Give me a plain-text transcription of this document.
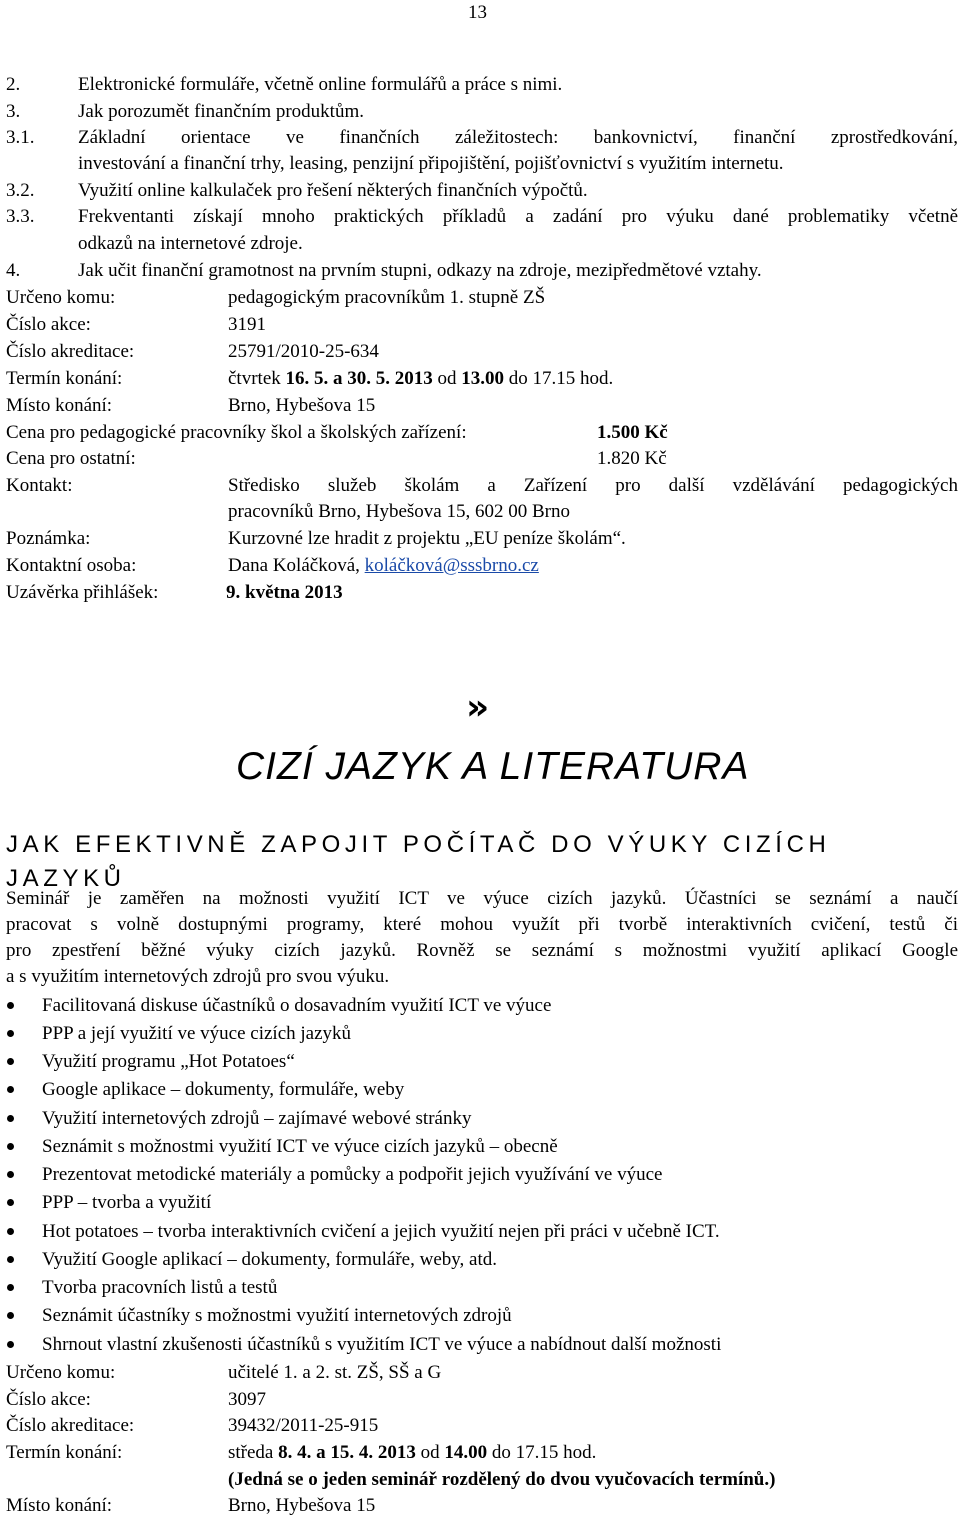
13
2.	Elektronické formuláře, včetně online formulářů a práce s nimi.
3.	Jak porozumět finančním produktům.
3.1. Základní orientace ve finančních záležitostech: bankovnictví, finanční zprostředkování,
investování a finanční trhy, leasing, penzijní připojištění, pojišťovnictví s využitím internetu.
3.2. Využití online kalkulaček pro řešení některých finančních výpočtů.
3.3. Frekventanti získají mnoho praktických příkladů a zadání pro výuku dané problematiky včetně
odkazů na internetové zdroje.
4.	Jak učit finanční gramotnost na prvním stupni, odkazy na zdroje, mezipředmětové vztahy.
Určeno komu:	pedagogickým pracovníkům 1. stupně ZŠ
Číslo akce:	3191
Číslo akreditace:	25791/2010-25-634
Termín konání:	čtvrtek 16. 5. a 30. 5. 2013 od 13.00 do 17.15 hod.
Místo konání:	Brno, Hybešova 15
Cena pro pedagogické pracovníky škol a školských zařízení:	1.500 Kč
Cena pro ostatní:	1.820 Kč
Kontakt:	Středisko služeb školám a Zařízení pro další vzdělávání pedagogických
pracovníků Brno, Hybešova 15, 602 00 Brno
Poznámka:	Kurzovné lze hradit z projektu „EU peníze školám“.
Kontaktní osoba:	Dana Koláčková, koláčková@sssbrno.cz
Uzávěrka přihlášek:	9. května 2013
»
CIZÍ JAZYK A LITERATURA
JAK EFEKTIVNĚ ZAPOJIT POČÍTAČ DO VÝUKY CIZÍCH JAZYKŮ
Seminář je zaměřen na možnosti využití ICT ve výuce cizích jazyků. Účastníci se seznámí a naučí
pracovat s volně dostupnými programy, které mohou využít při tvorbě interaktivních cvičení, testů či
pro zpestření běžné výuky cizích jazyků. Rovněž se seznámí s možnostmi využití aplikací Google
a s využitím internetových zdrojů pro svou výuku.
Facilitovaná diskuse účastníků o dosavadním využití ICT ve výuce
PPP a její využití ve výuce cizích jazyků
Využití programu „Hot Potatoes“
Google aplikace – dokumenty, formuláře, weby
Využití internetových zdrojů – zajímavé webové stránky
Seznámit s možnostmi využití ICT ve výuce cizích jazyků – obecně
Prezentovat metodické materiály a pomůcky a podpořit jejich využívání ve výuce
PPP – tvorba a využití
Hot potatoes – tvorba interaktivních cvičení a jejich využití nejen při práci v učebně ICT.
Využití Google aplikací – dokumenty, formuláře, weby, atd.
Tvorba pracovních listů a testů
Seznámit účastníky s možnostmi využití internetových zdrojů
Shrnout vlastní zkušenosti účastníků s využitím ICT ve výuce a nabídnout další možnosti
Určeno komu:	učitelé 1. a 2. st. ZŠ, SŠ a G
Číslo akce:	3097
Číslo akreditace:	39432/2011-25-915
Termín konání:	středa 8. 4. a 15. 4. 2013 od 14.00 do 17.15 hod.
(Jedná se o jeden seminář rozdělený do dvou vyučovacích termínů.)
Místo konání:	Brno, Hybešova 15
